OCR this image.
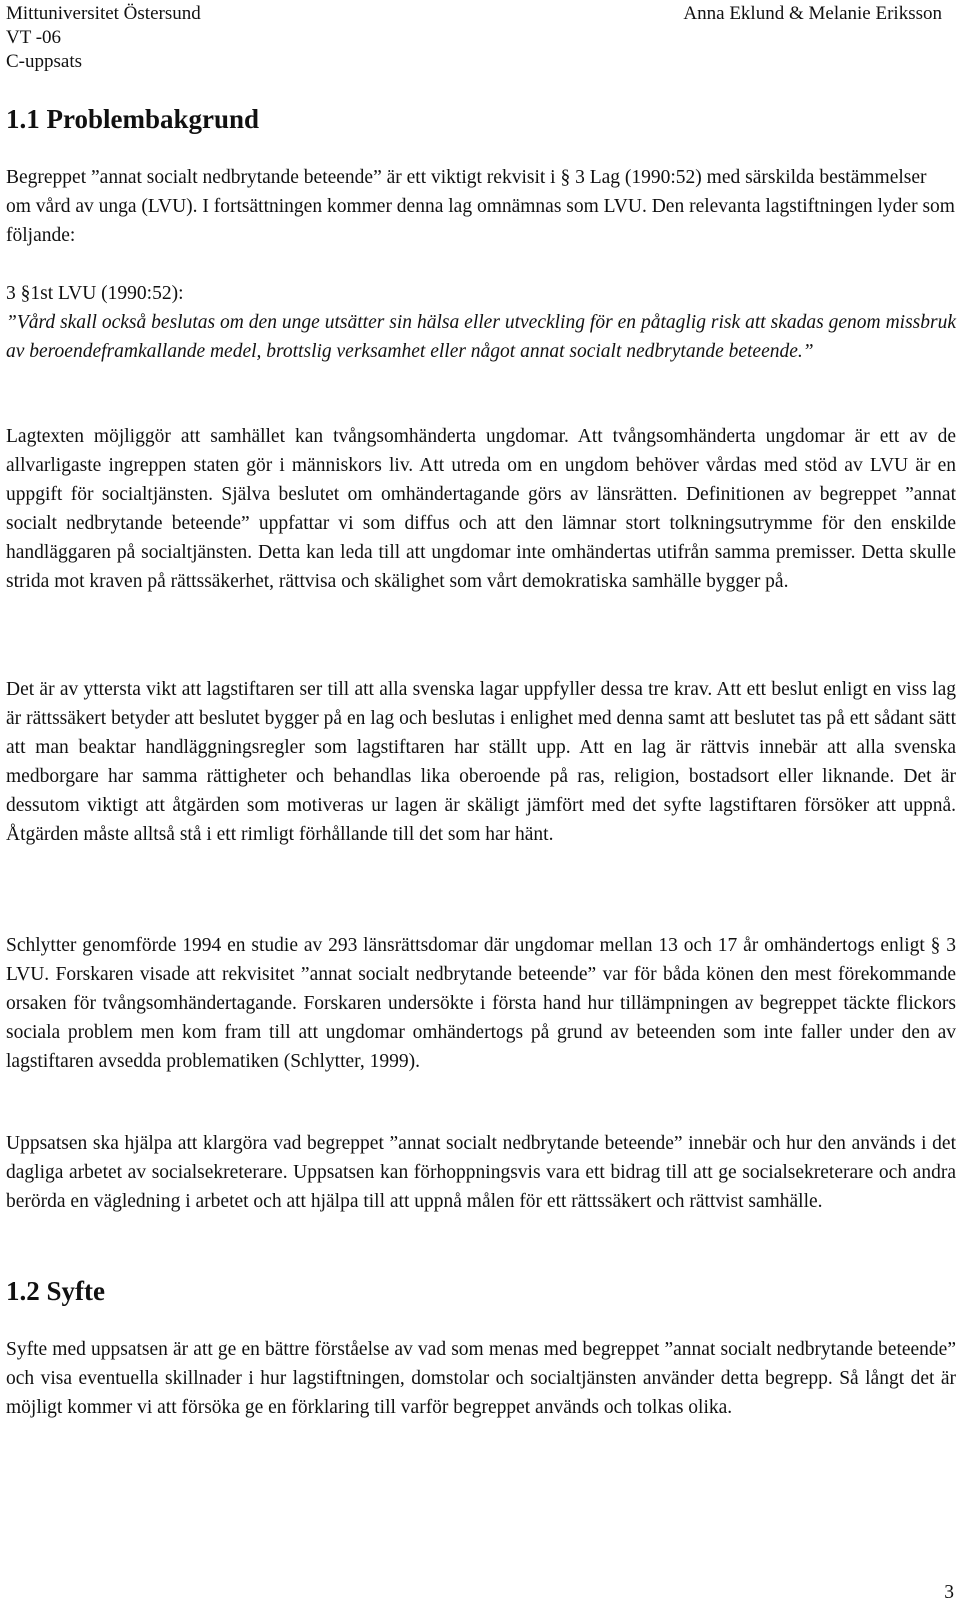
Mittuniversitet Östersund
VT -06
C-uppsats
Anna Eklund & Melanie Eriksson
1.1 Problembakgrund

Begreppet ”annat socialt nedbrytande beteende” är ett viktigt rekvisit i § 3 Lag (1990:52) med särskilda bestämmelser om vård av unga (LVU). I fortsättningen kommer denna lag omnämnas som LVU. Den relevanta lagstiftningen lyder som följande:

3 §1st LVU (1990:52):

”Vård skall också beslutas om den unge utsätter sin hälsa eller utveckling för en påtaglig risk att skadas genom missbruk av beroendeframkallande medel, brottslig verksamhet eller något annat socialt nedbrytande beteende.”

Lagtexten möjliggör att samhället kan tvångsomhänderta ungdomar. Att tvångsomhänderta ungdomar är ett av de allvarligaste ingreppen staten gör i människors liv. Att utreda om en ungdom behöver vårdas med stöd av LVU är en uppgift för socialtjänsten. Själva beslutet om omhändertagande görs av länsrätten. Definitionen av begreppet ”annat socialt nedbrytande beteende” uppfattar vi som diffus och att den lämnar stort tolkningsutrymme för den enskilde handläggaren på socialtjänsten. Detta kan leda till att ungdomar inte omhändertas utifrån samma premisser. Detta skulle strida mot kraven på rättssäkerhet, rättvisa och skälighet som vårt demokratiska samhälle bygger på.

Det är av yttersta vikt att lagstiftaren ser till att alla svenska lagar uppfyller dessa tre krav. Att ett beslut enligt en viss lag är rättssäkert betyder att beslutet bygger på en lag och beslutas i enlighet med denna samt att beslutet tas på ett sådant sätt att man beaktar handläggningsregler som lagstiftaren har ställt upp. Att en lag är rättvis innebär att alla svenska medborgare har samma rättigheter och behandlas lika oberoende på ras, religion, bostadsort eller liknande. Det är dessutom viktigt att åtgärden som motiveras ur lagen är skäligt jämfört med det syfte lagstiftaren försöker att uppnå. Åtgärden måste alltså stå i ett rimligt förhållande till det som har hänt.

Schlytter genomförde 1994 en studie av 293 länsrättsdomar där ungdomar mellan 13 och 17 år omhändertogs enligt § 3 LVU. Forskaren visade att rekvisitet ”annat socialt nedbrytande beteende” var för båda könen den mest förekommande orsaken för tvångsomhändertagande. Forskaren undersökte i första hand hur tillämpningen av begreppet täckte flickors sociala problem men kom fram till att ungdomar omhändertogs på grund av beteenden som inte faller under den av lagstiftaren avsedda problematiken (Schlytter, 1999).

Uppsatsen ska hjälpa att klargöra vad begreppet ”annat socialt nedbrytande beteende” innebär och hur den används i det dagliga arbetet av socialsekreterare. Uppsatsen kan förhoppningsvis vara ett bidrag till att ge socialsekreterare och andra berörda en vägledning i arbetet och att hjälpa till att uppnå målen för ett rättssäkert och rättvist samhälle.

1.2 Syfte

Syfte med uppsatsen är att ge en bättre förståelse av vad som menas med begreppet ”annat socialt nedbrytande beteende” och visa eventuella skillnader i hur lagstiftningen, domstolar och socialtjänsten använder detta begrepp. Så långt det är möjligt kommer vi att försöka ge en förklaring till varför begreppet används och tolkas olika.

3
